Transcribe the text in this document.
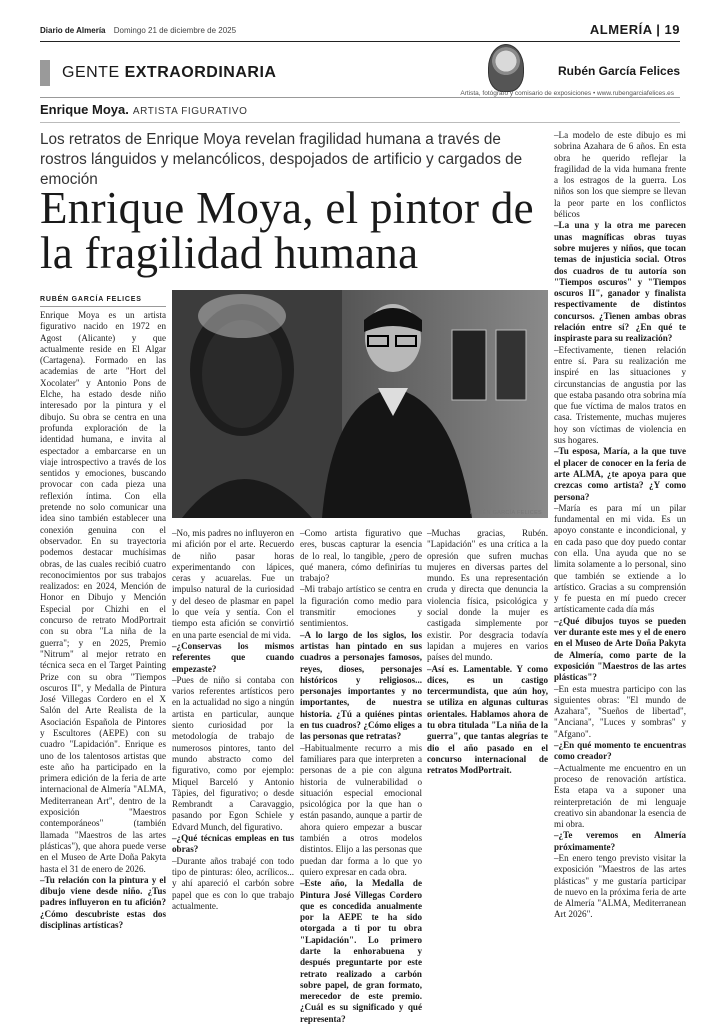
Diario de Almería Domingo 21 de diciembre de 2025	ALMERÍA | 19
GENTE EXTRAORDINARIA	Rubén García Felices
Artista, fotógrafo y comisario de exposiciones • www.rubengarciafelices.es
Enrique Moya. ARTISTA FIGURATIVO
Los retratos de Enrique Moya revelan fragilidad humana a través de rostros lánguidos y melancólicos, despojados de artificio y cargados de emoción
Enrique Moya, el pintor de la fragilidad humana
RUBÉN GARCÍA FELICES

Enrique Moya es un artista figurativo nacido en 1972 en Agost (Alicante) y que actualmente reside en El Algar (Cartagena). Formado en las academias de arte "Hort del Xocolater" y Antonio Pons de Elche, ha estado desde niño interesado por la pintura y el dibujo. Su obra se centra en una profunda exploración de la identidad humana, e invita al espectador a embarcarse en un viaje introspectivo a través de los sentidos y emociones, buscando provocar con cada pieza una reflexión íntima. Con ella pretende no solo comunicar una idea sino también establecer una conexión genuina con el observador. En su trayectoria podemos destacar muchísimas obras, de las cuales recibió cuatro reconocimientos por sus trabajos realizados: en 2024, Mención de Honor en Dibujo y Mención Especial por Chizhi en el concurso de retrato ModPortrait con su obra "La niña de la guerra"; y en 2025, Premio "Nitrum" al mejor retrato en técnica seca en el Target Painting Prize con su obra "Tiempos oscuros II", y Medalla de Pintura José Villegas Cordero en el X Salón del Arte Realista de la Asociación Española de Pintores y Escultores (AEPE) con su cuadro "Lapidación". Enrique es uno de los talentosos artistas que este año ha participado en la primera edición de la feria de arte internacional de Almería "ALMA, Mediterranean Art", dentro de la exposición "Maestros contemporáneos" (también llamada "Maestros de las artes plásticas"), que ahora puede verse en el Museo de Arte Doña Pakyta hasta el 31 de enero de 2026.

–Tu relación con la pintura y el dibujo viene desde niño. ¿Tus padres influyeron en tu afición? ¿Cómo descubriste estas dos disciplinas artísticas?

RUBÉN GARCÍA FELICES

–No, mis padres no influyeron en mi afición por el arte. Recuerdo de niño pasar horas experimentando con lápices, ceras y acuarelas. Fue un impulso natural de la curiosidad y del deseo de plasmar en papel lo que veía y sentía. Con el tiempo esta afición se convirtió en una parte esencial de mi vida.

–¿Conservas los mismos referentes que cuando empezaste?

–Pues de niño si contaba con varios referentes artísticos pero en la actualidad no sigo a ningún artista en particular, aunque siento curiosidad por la metodología de trabajo de numerosos pintores, tanto del mundo abstracto como del figurativo, como por ejemplo: Miquel Barceló y Antonio Tàpies, del figurativo; o desde Rembrandt a Caravaggio, pasando por Egon Schiele y Edvard Munch, del figurativo.

–¿Qué técnicas empleas en tus obras?

–Durante años trabajé con todo tipo de pinturas: óleo, acrílicos... y ahí apareció el carbón sobre papel que es con lo que trabajo actualmente.

–Como artista figurativo que eres, buscas capturar la esencia de lo real, lo tangible, ¿pero de qué manera, cómo definirías tu trabajo?

–Mi trabajo artístico se centra en la figuración como medio para transmitir emociones y sentimientos.

–A lo largo de los siglos, los artistas han pintado en sus cuadros a personajes famosos, reyes, dioses, personajes históricos y religiosos... personajes importantes y no importantes, de nuestra historia. ¿Tú a quiénes pintas en tus cuadros? ¿Cómo eliges a las personas que retratas?

–Habitualmente recurro a mis familiares para que interpreten a personas de a pie con alguna historia de vulnerabilidad o situación especial emocional psicológica por la que han o están pasando, aunque a partir de ahora quiero empezar a buscar también a otros modelos distintos. Elijo a las personas que puedan dar forma a lo que yo quiero expresar en cada obra.

–Este año, la Medalla de Pintura José Villegas Cordero que es concedida anualmente por la AEPE te ha sido otorgada a ti por tu obra "Lapidación". Lo primero darte la enhorabuena y después preguntarte por este retrato realizado a carbón sobre papel, de gran formato, merecedor de este premio. ¿Cuál es su significado y qué representa?

–Muchas gracias, Rubén. "Lapidación" es una crítica a la opresión que sufren muchas mujeres en diversas partes del mundo. Es una representación cruda y directa que denuncia la violencia física, psicológica y social donde la mujer es castigada simplemente por existir. Por desgracia todavía lapidan a mujeres en varios países del mundo.

–Así es. Lamentable. Y como dices, es un castigo tercermundista, que aún hoy, se utiliza en algunas culturas orientales. Hablamos ahora de tu obra titulada "La niña de la guerra", que tantas alegrías te dio el año pasado en el concurso internacional de retratos ModPortrait.

–La modelo de este dibujo es mi sobrina Azahara de 6 años. En esta obra he querido reflejar la fragilidad de la vida humana frente a los estragos de la guerra. Los niños son los que siempre se llevan la peor parte en los conflictos bélicos

–La una y la otra me parecen unas magníficas obras tuyas sobre mujeres y niños, que tocan temas de injusticia social. Otros dos cuadros de tu autoría son "Tiempos oscuros" y "Tiempos oscuros II", ganador y finalista respectivamente de distintos concursos. ¿Tienen ambas obras relación entre sí? ¿En qué te inspiraste para su realización?

–Efectivamente, tienen relación entre sí. Para su realización me inspiré en las situaciones y circunstancias de angustia por las que estaba pasando otra sobrina mía que fue víctima de malos tratos en casa. Tristemente, muchas mujeres hoy son víctimas de violencia en sus hogares.

–Tu esposa, María, a la que tuve el placer de conocer en la feria de arte ALMA, ¿te apoya para que crezcas como artista? ¿Y como persona?

–María es para mí un pilar fundamental en mi vida. Es un apoyo constante e incondicional, y en cada paso que doy puedo contar con ella. Una ayuda que no se limita solamente a lo personal, sino que también se extiende a lo artístico. Gracias a su comprensión y fe puesta en mí puedo crecer artísticamente cada día más

–¿Qué dibujos tuyos se pueden ver durante este mes y el de enero en el Museo de Arte Doña Pakyta de Almería, como parte de la exposición "Maestros de las artes plásticas"?

–En esta muestra participo con las siguientes obras: "El mundo de Azahara", "Sueños de libertad", "Anciana", "Luces y sombras" y "Afgano".

–¿En qué momento te encuentras como creador?

–Actualmente me encuentro en un proceso de renovación artística. Esta etapa va a suponer una reinterpretación de mi lenguaje creativo sin abandonar la esencia de mi obra.

–¿Te veremos en Almería próximamente?

–En enero tengo previsto visitar la exposición "Maestros de las artes plásticas" y me gustaría participar de nuevo en la próxima feria de arte de Almería "ALMA, Mediterranean Art 2026".
